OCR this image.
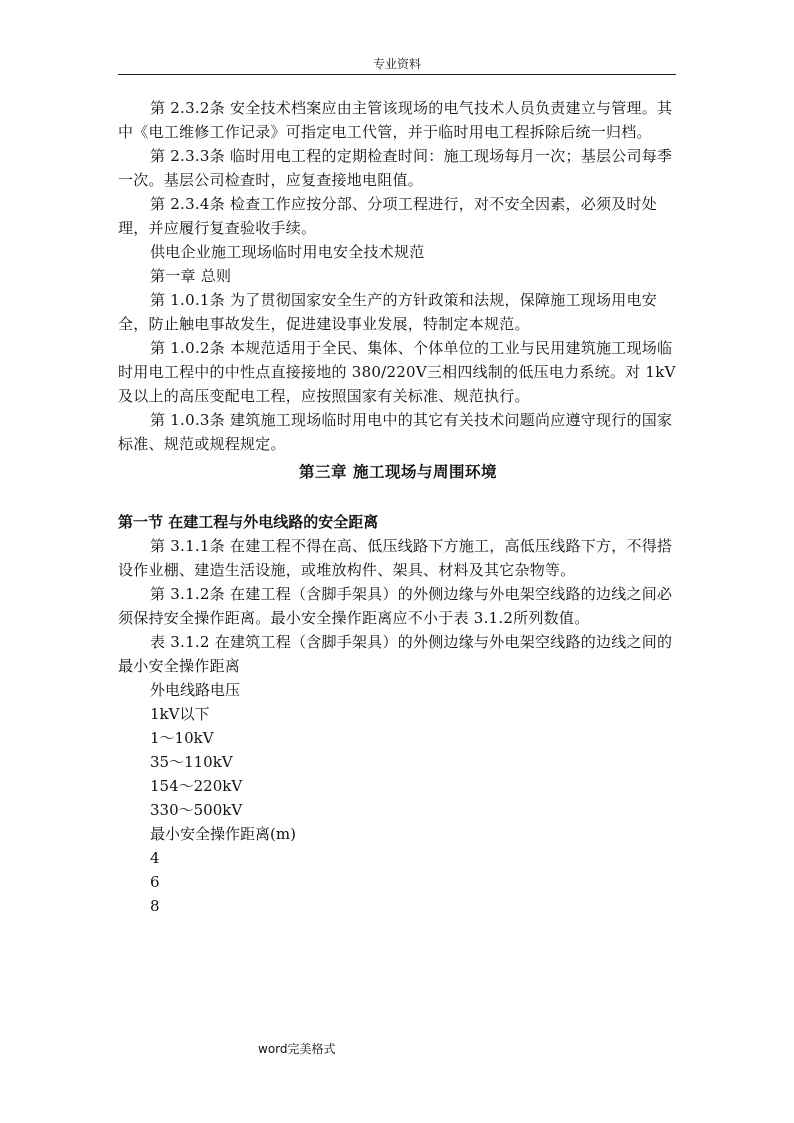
专业资料

第 2.3.2条 安全技术档案应由主管该现场的电气技术人员负责建立与管理。其中《电工维修工作记录》可指定电工代管，并于临时用电工程拆除后统一归档。

第 2.3.3条 临时用电工程的定期检查时间：施工现场每月一次；基层公司每季一次。基层公司检查时，应复查接地电阻值。

第 2.3.4条 检查工作应按分部、分项工程进行，对不安全因素，必须及时处理，并应履行复查验收手续。

供电企业施工现场临时用电安全技术规范

第一章 总则

第 1.0.1条 为了贯彻国家安全生产的方针政策和法规，保障施工现场用电安全，防止触电事故发生，促进建设事业发展，特制定本规范。

第 1.0.2条 本规范适用于全民、集体、个体单位的工业与民用建筑施工现场临时用电工程中的中性点直接接地的 380/220V三相四线制的低压电力系统。对 1kV及以上的高压变配电工程，应按照国家有关标准、规范执行。

第 1.0.3条 建筑施工现场临时用电中的其它有关技术问题尚应遵守现行的国家标准、规范或规程规定。

第三章 施工现场与周围环境
第一节 在建工程与外电线路的安全距离

第 3.1.1条 在建工程不得在高、低压线路下方施工，高低压线路下方，不得搭设作业棚、建造生活设施，或堆放构件、架具、材料及其它杂物等。

第 3.1.2条 在建工程（含脚手架具）的外侧边缘与外电架空线路的边线之间必须保持安全操作距离。最小安全操作距离应不小于表 3.1.2所列数值。

表 3.1.2 在建筑工程（含脚手架具）的外侧边缘与外电架空线路的边线之间的最小安全操作距离

外电线路电压
1kV以下
1～10kV
35～110kV
154～220kV
330～500kV
最小安全操作距离(m)
4
6
8
word完美格式
